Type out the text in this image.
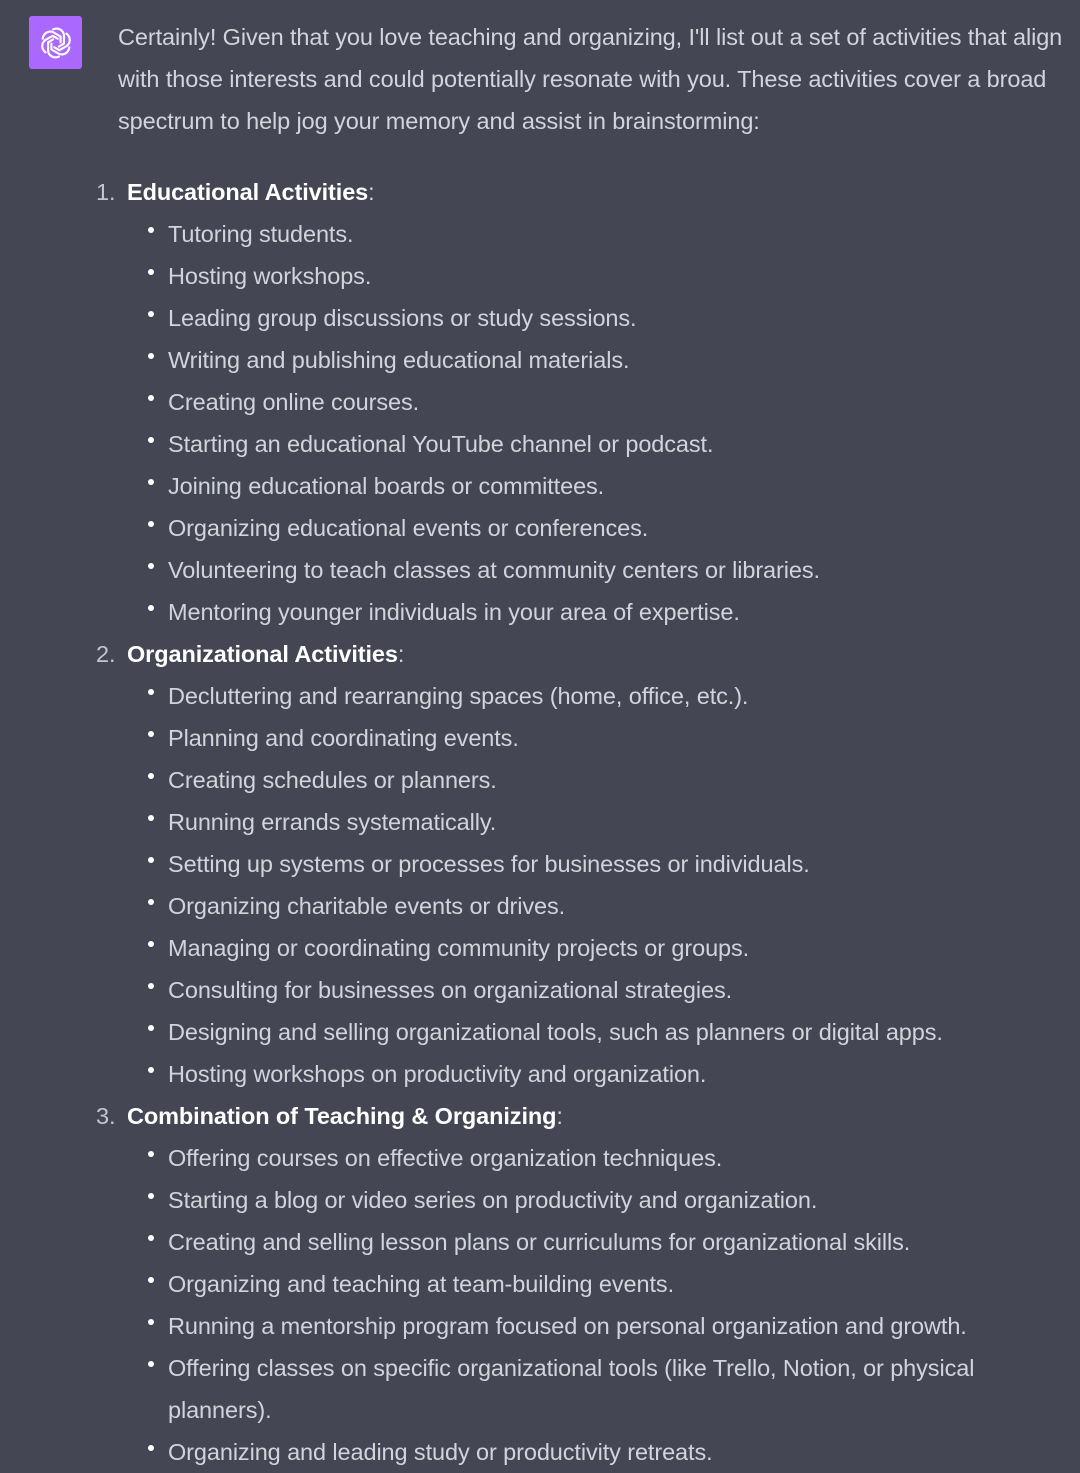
Certainly! Given that you love teaching and organizing, I'll list out a set of activities that align
with those interests and could potentially resonate with you. These activities cover a broad
spectrum to help jog your memory and assist in brainstorming:

1. Educational Activities:
Tutoring students.
Hosting workshops.
Leading group discussions or study sessions.
Writing and publishing educational materials.
Creating online courses.
Starting an educational YouTube channel or podcast.
Joining educational boards or committees.
Organizing educational events or conferences.
Volunteering to teach classes at community centers or libraries.
Mentoring younger individuals in your area of expertise.
2. Organizational Activities:
Decluttering and rearranging spaces (home, office, etc.).
Planning and coordinating events.
Creating schedules or planners.
Running errands systematically.
Setting up systems or processes for businesses or individuals.
Organizing charitable events or drives.
Managing or coordinating community projects or groups.
Consulting for businesses on organizational strategies.
Designing and selling organizational tools, such as planners or digital apps.
Hosting workshops on productivity and organization.
3. Combination of Teaching & Organizing:
Offering courses on effective organization techniques.
Starting a blog or video series on productivity and organization.
Creating and selling lesson plans or curriculums for organizational skills.
Organizing and teaching at team-building events.
Running a mentorship program focused on personal organization and growth.
Offering classes on specific organizational tools (like Trello, Notion, or physical planners).
Organizing and leading study or productivity retreats.
